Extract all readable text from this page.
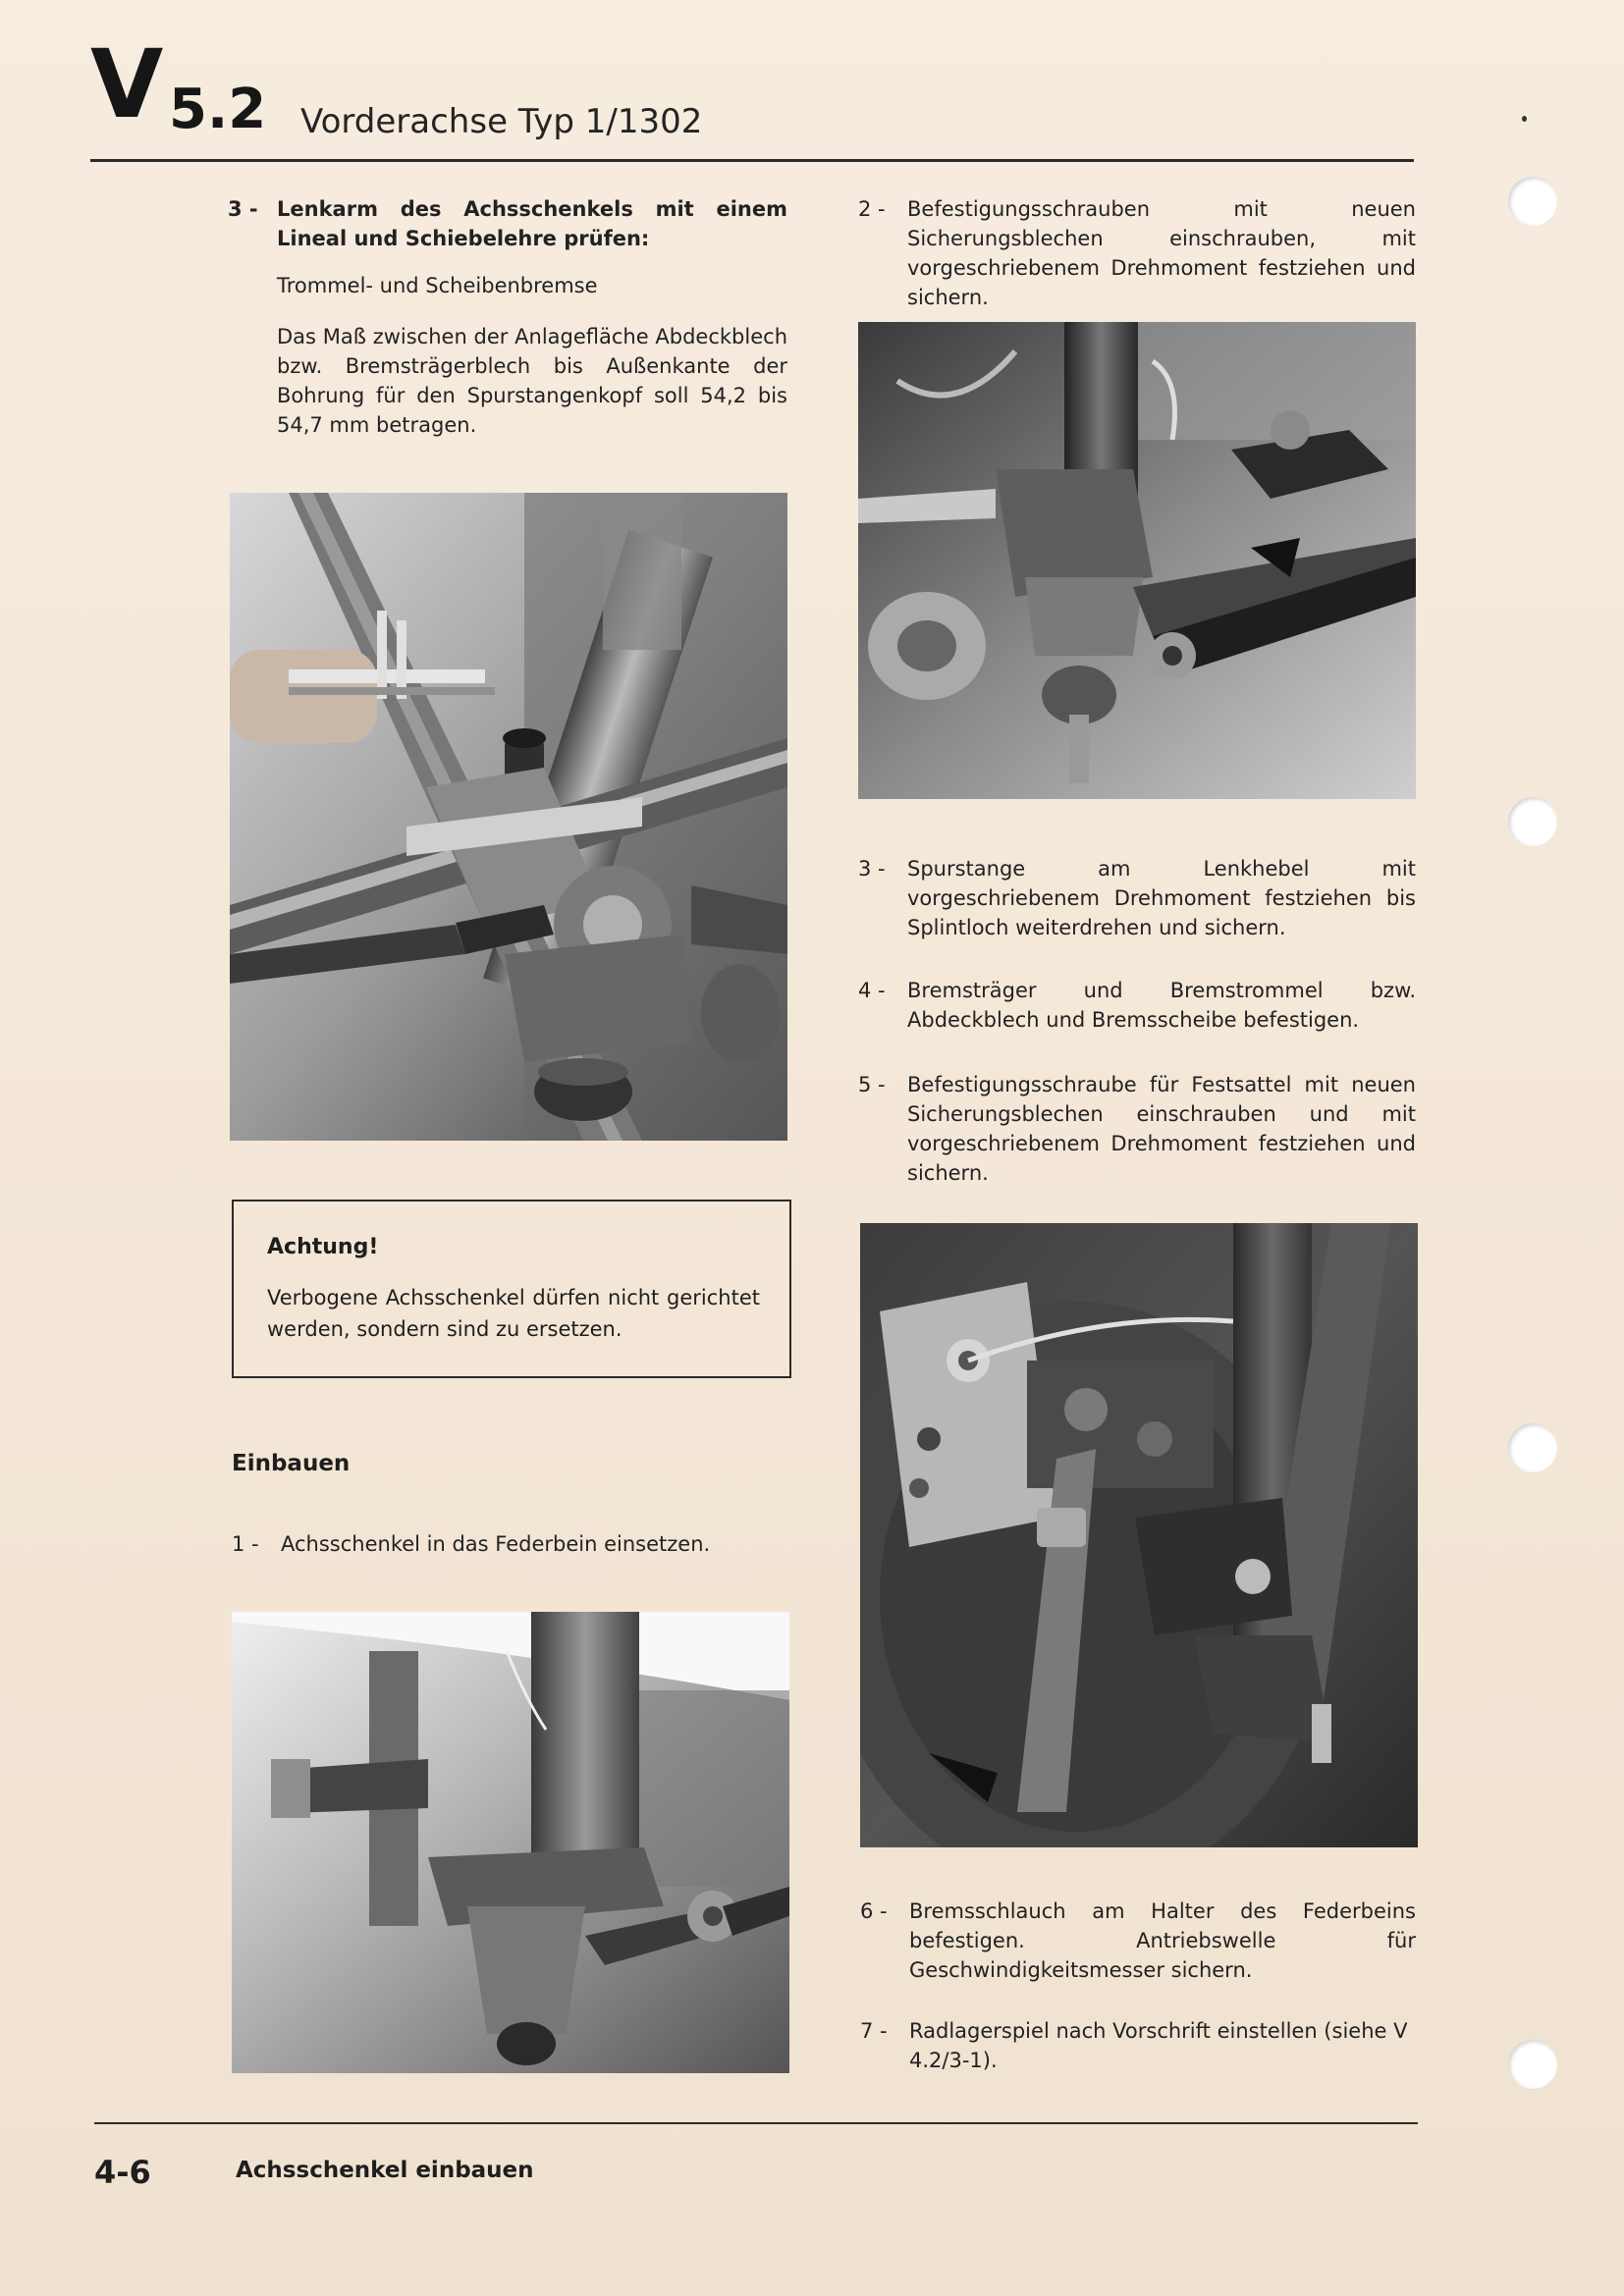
V 5.2 Vorderachse Typ 1/1302
3 - Lenkarm des Achsschenkels mit einem Lineal und Schiebelehre prüfen:
Trommel- und Scheibenbremse
Das Maß zwischen der Anlagefläche Abdeckblech bzw. Bremsträgerblech bis Außenkante der Bohrung für den Spurstangenkopf soll 54,2 bis 54,7 mm betragen.
Achtung!
Verbogene Achsschenkel dürfen nicht gerichtet werden, sondern sind zu ersetzen.
Einbauen
1 - Achsschenkel in das Federbein einsetzen.
2 - Befestigungsschrauben mit neuen Sicherungsblechen einschrauben, mit vorgeschriebenem Drehmoment festziehen und sichern.
3 - Spurstange am Lenkhebel mit vorgeschriebenem Drehmoment festziehen bis Splintloch weiterdrehen und sichern.
4 - Bremsträger und Bremstrommel bzw. Abdeckblech und Bremsscheibe befestigen.
5 - Befestigungsschraube für Festsattel mit neuen Sicherungsblechen einschrauben und mit vorgeschriebenem Drehmoment festziehen und sichern.
6 - Bremsschlauch am Halter des Federbeins befestigen. Antriebswelle für Geschwindigkeitsmesser sichern.
7 - Radlagerspiel nach Vorschrift einstellen (siehe V 4.2/3-1).
4-6	Achsschenkel einbauen
